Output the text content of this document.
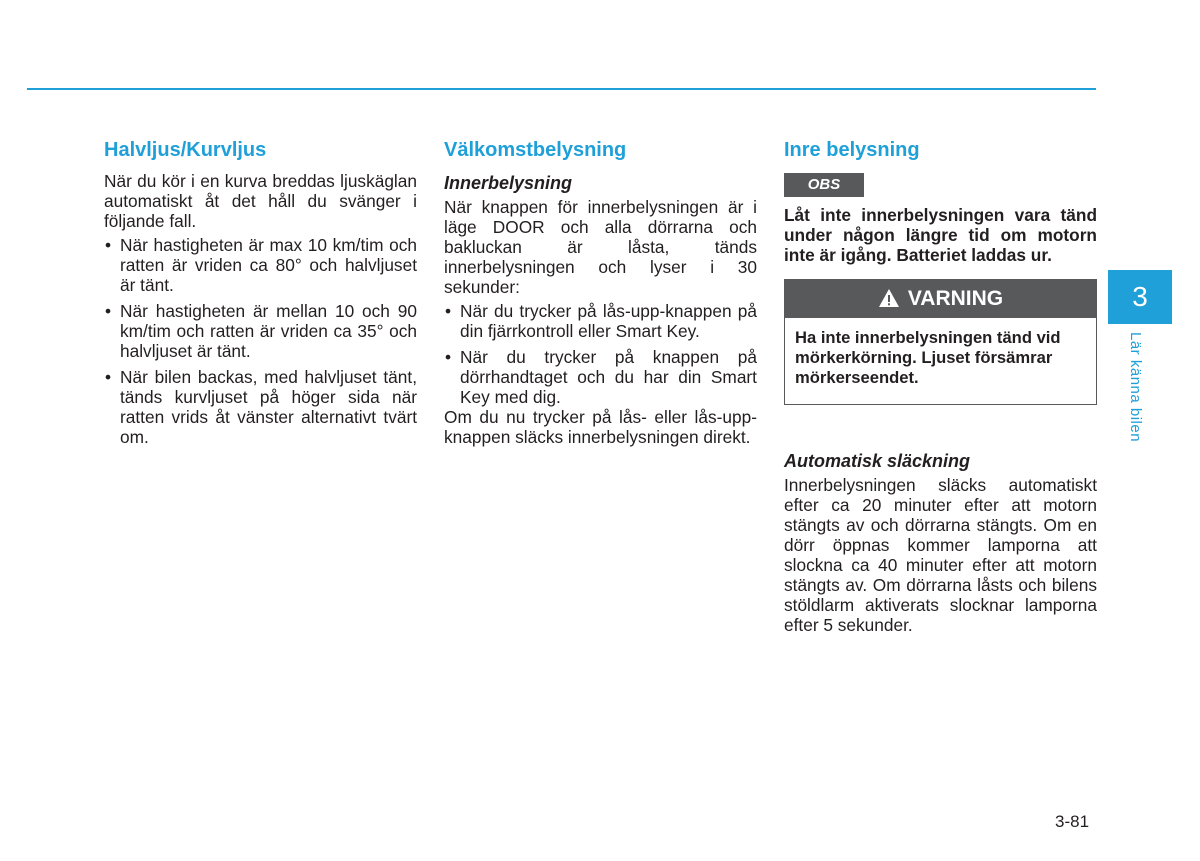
Halvljus/Kurvljus

När du kör i en kurva breddas ljuskäglan automatiskt åt det håll du svänger i följande fall.

• När hastigheten är max 10 km/tim och ratten är vriden ca 80° och halvljuset är tänt.
• När hastigheten är mellan 10 och 90 km/tim och ratten är vriden ca 35° och halvljuset är tänt.
• När bilen backas, med halvljuset tänt, tänds kurvljuset på höger sida när ratten vrids åt vänster alternativt tvärt om.
Välkomstbelysning
Innerbelysning

När knappen för innerbelysningen är i läge DOOR och alla dörrarna och bakluckan är låsta, tänds innerbelysningen och lyser i 30 sekunder:

• När du trycker på lås-upp-knappen på din fjärrkontroll eller Smart Key.
• När du trycker på knappen på dörrhandtaget och du har din Smart Key med dig.

Om du nu trycker på lås- eller lås-upp-knappen släcks innerbelysningen direkt.

Inre belysning
OBS

Låt inte innerbelysningen vara tänd under någon längre tid om motorn inte är igång. Batteriet laddas ur.

VARNING

Ha inte innerbelysningen tänd vid mörkerkörning. Ljuset försämrar mörkerseendet.

Automatisk släckning

Innerbelysningen släcks automatiskt efter ca 20 minuter efter att motorn stängts av och dörrarna stängts. Om en dörr öppnas kommer lamporna att slockna ca 40 minuter efter att motorn stängts av. Om dörrarna låsts och bilens stöldlarm aktiverats slocknar lamporna efter 5 sekunder.

3
Lär känna bilen
3-81
